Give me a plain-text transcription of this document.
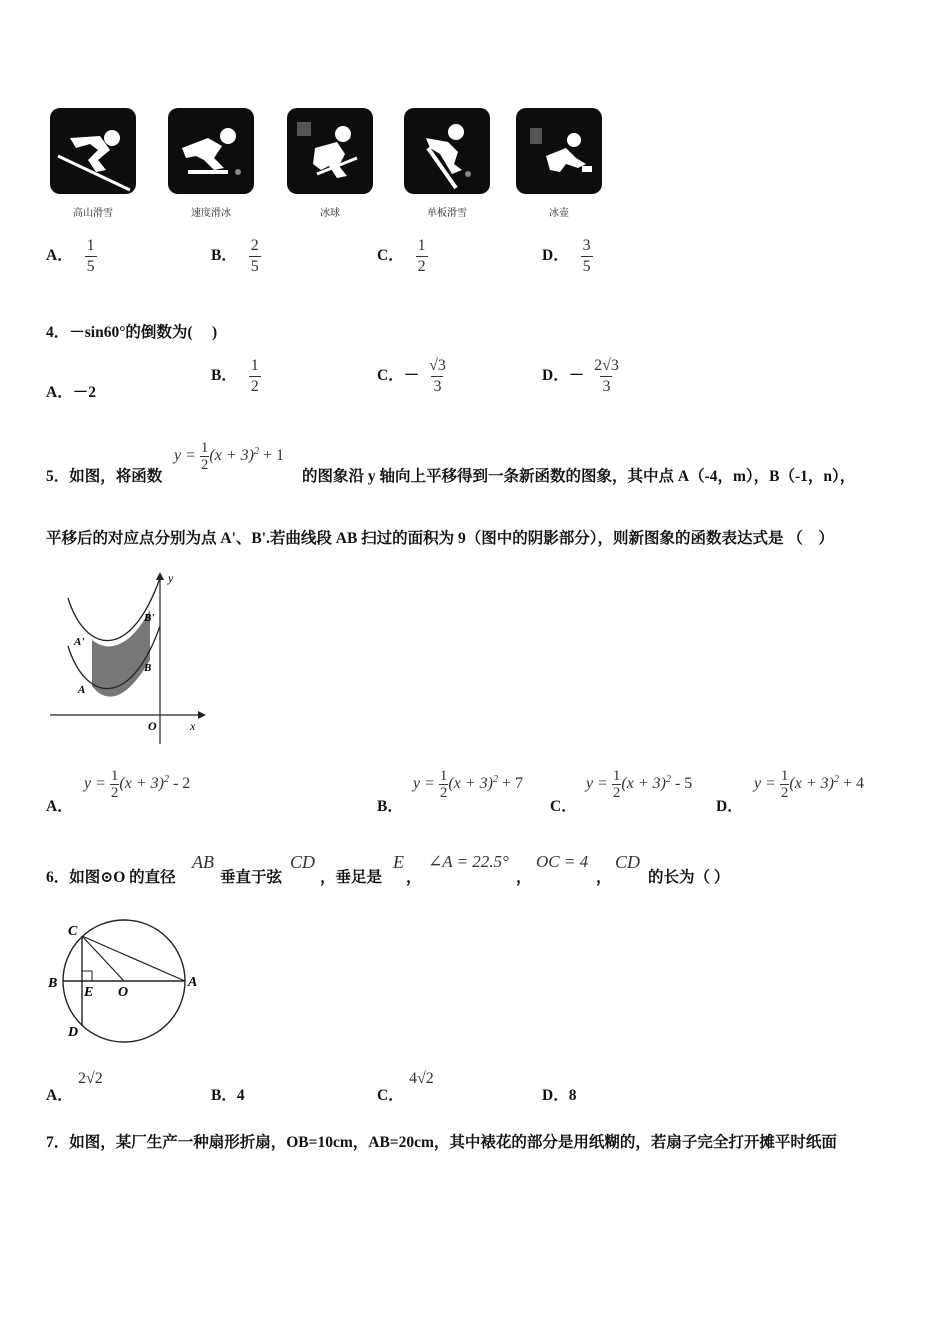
高山滑雪	速度滑冰	冰球	单板滑雪	冰壶
A． $\frac{1}{5}$	B． $\frac{2}{5}$	C． $\frac{1}{2}$	D． $\frac{3}{5}$
4．－sin60°的倒数为(　 )
A．－2
B． $\frac{1}{2}$	C．－ $\frac{√3}{3}$	D．－ $\frac{2√3}{3}$
5．如图，将函数
$y = \frac{1}{2} (x + 3)^2 + 1$
的图象沿 y 轴向上平移得到一条新函数的图象，其中点 A（-4，m），B（-1，n），
平移后的对应点分别为点 A'、B'.若曲线段 AB 扫过的面积为 9（图中的阴影部分），则新图象的函数表达式是 （　）
y
x
O
A
B
A'
B'
A．
$y = \frac{1}{2} (x + 3)^2 - 2$
B．
$y = \frac{1}{2} (x + 3)^2 + 7$
C．
$y = \frac{1}{2} (x + 3)^2 - 5$
D．
$y = \frac{1}{2} (x + 3)^2 + 4$
6．如图⊙O 的直径
AB
垂直于弦
CD
，垂足是
E
，
∠A = 22.5°
，
OC = 4
，
CD
的长为（ ）
C
B
E O
A
D
A．
2√2
B．4	C．
4√2
D．8
7．如图，某厂生产一种扇形折扇，OB=10cm，AB=20cm，其中裱花的部分是用纸糊的，若扇子完全打开摊平时纸面
